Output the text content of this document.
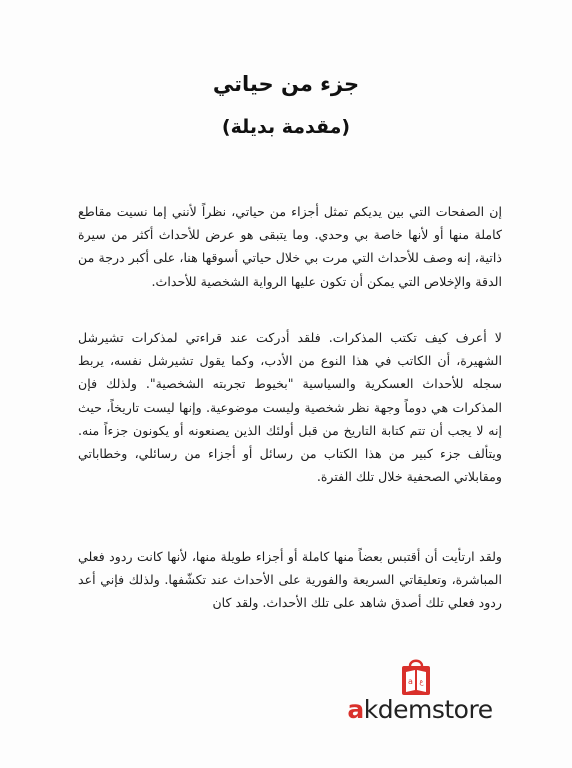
جزء من حياتي
(مقدمة بديلة)

إن الصفحات التي بين يديكم تمثل أجزاء من حياتي، نظراً لأنني إما نسيت مقاطع كاملة منها أو لأنها خاصة بي وحدي. وما يتبقى هو عرض للأحداث أكثر من سيرة ذاتية، إنه وصف للأحداث التي مرت بي خلال حياتي أسوقها هنا، على أكبر درجة من الدقة والإخلاص التي يمكن أن تكون عليها الرواية الشخصية للأحداث.

لا أعرف كيف تكتب المذكرات. فلقد أدركت عند قراءتي لمذكرات تشيرشل الشهيرة، أن الكاتب في هذا النوع من الأدب، وكما يقول تشيرشل نفسه، يربط سجله للأحداث العسكرية والسياسية "بخيوط تجربته الشخصية". ولذلك فإن المذكرات هي دوماً وجهة نظر شخصية وليست موضوعية. وإنها ليست تاريخاً، حيث إنه لا يجب أن تتم كتابة التاريخ من قبل أولئك الذين يصنعونه أو يكونون جزءاً منه. ويتألف جزء كبير من هذا الكتاب من رسائل أو أجزاء من رسائلي، وخطاباتي ومقابلاتي الصحفية خلال تلك الفترة.

ولقد ارتأيت أن أقتبس بعضاً منها كاملة أو أجزاء طويلة منها، لأنها كانت ردود فعلي المباشرة، وتعليقاتي السريعة والفورية على الأحداث عند تكشّفها. ولذلك فإني أعد ردود فعلي تلك أصدق شاهد على تلك الأحداث. ولقد كان

a ع
akdemstore
